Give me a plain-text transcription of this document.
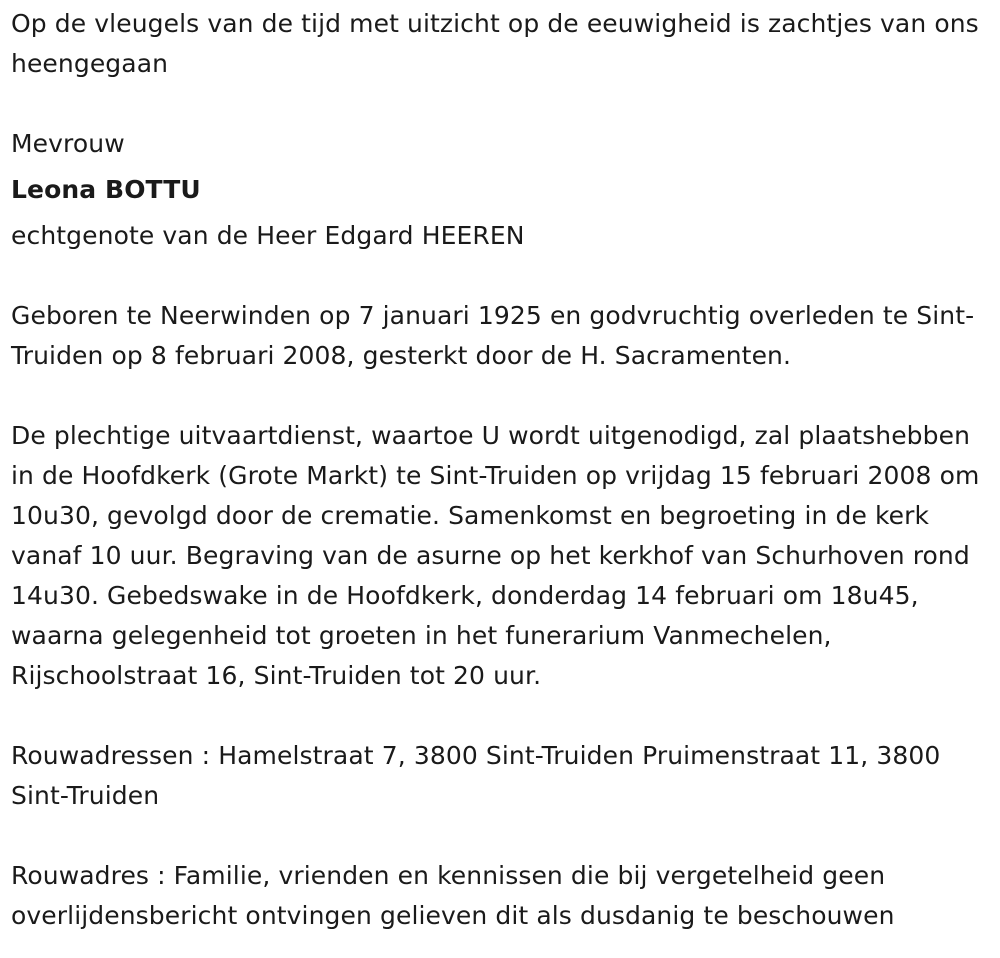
Op de vleugels van de tijd met uitzicht op de eeuwigheid is zachtjes van ons heengegaan

Mevrouw

Leona BOTTU

echtgenote van de Heer Edgard HEEREN

Geboren te Neerwinden op 7 januari 1925 en godvruchtig overleden te Sint-Truiden op 8 februari 2008, gesterkt door de H. Sacramenten.

De plechtige uitvaartdienst, waartoe U wordt uitgenodigd, zal plaatshebben in de Hoofdkerk (Grote Markt) te Sint-Truiden op vrijdag 15 februari 2008 om 10u30, gevolgd door de crematie. Samenkomst en begroeting in de kerk vanaf 10 uur. Begraving van de asurne op het kerkhof van Schurhoven rond 14u30. Gebedswake in de Hoofdkerk, donderdag 14 februari om 18u45, waarna gelegenheid tot groeten in het funerarium Vanmechelen, Rijschoolstraat 16, Sint-Truiden tot 20 uur.

Rouwadressen : Hamelstraat 7, 3800 Sint-Truiden Pruimenstraat 11, 3800 Sint-Truiden

Rouwadres : Familie, vrienden en kennissen die bij vergetelheid geen overlijdensbericht ontvingen gelieven dit als dusdanig te beschouwen
